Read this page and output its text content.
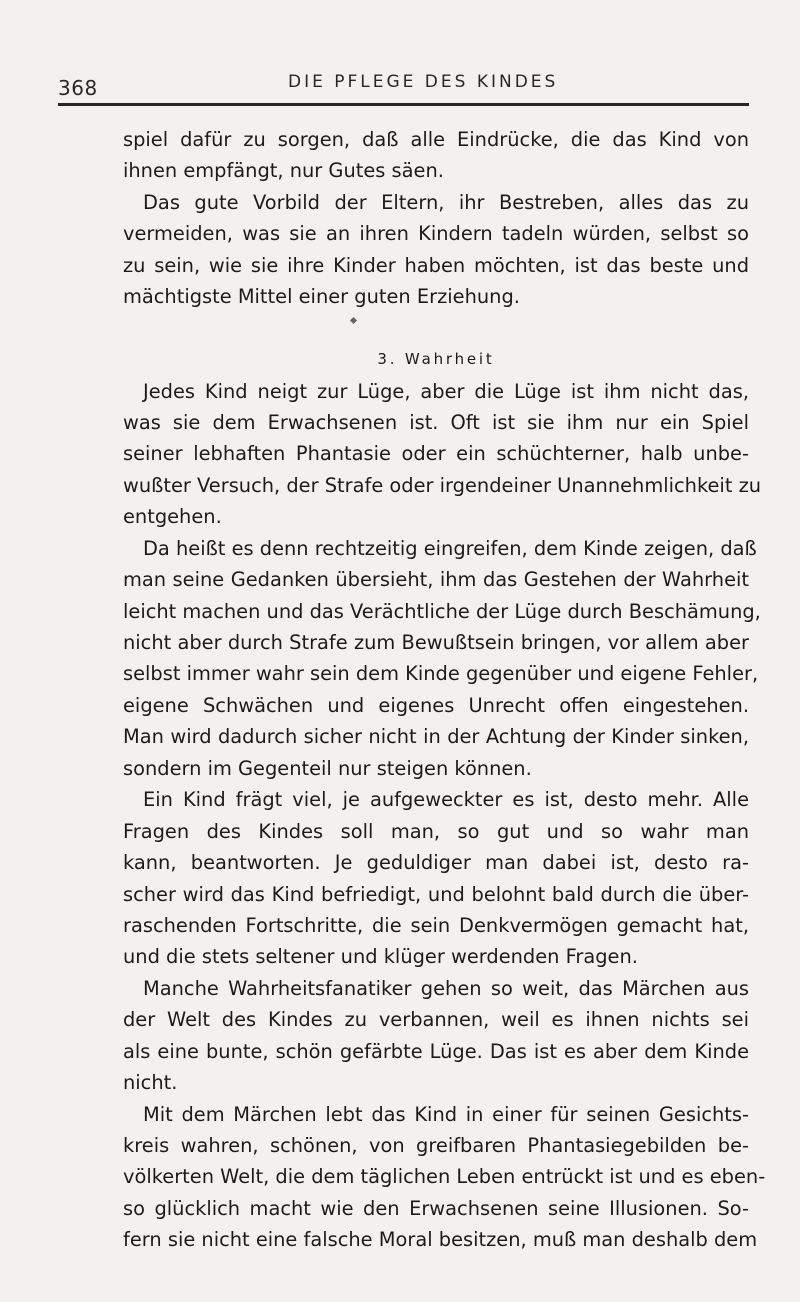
368	DIE PFLEGE DES KINDES
spiel dafür zu sorgen, daß alle Eindrücke, die das Kind von
ihnen empfängt, nur Gutes säen.
Das gute Vorbild der Eltern, ihr Bestreben, alles das zu
vermeiden, was sie an ihren Kindern tadeln würden, selbst so
zu sein, wie sie ihre Kinder haben möchten, ist das beste und
mächtigste Mittel einer guten Erziehung.
3. Wahrheit
Jedes Kind neigt zur Lüge, aber die Lüge ist ihm nicht das,
was sie dem Erwachsenen ist. Oft ist sie ihm nur ein Spiel
seiner lebhaften Phantasie oder ein schüchterner, halb unbe-
wußter Versuch, der Strafe oder irgendeiner Unannehmlichkeit zu
entgehen.
Da heißt es denn rechtzeitig eingreifen, dem Kinde zeigen, daß
man seine Gedanken übersieht, ihm das Gestehen der Wahrheit
leicht machen und das Verächtliche der Lüge durch Beschämung,
nicht aber durch Strafe zum Bewußtsein bringen, vor allem aber
selbst immer wahr sein dem Kinde gegenüber und eigene Fehler,
eigene Schwächen und eigenes Unrecht offen eingestehen.
Man wird dadurch sicher nicht in der Achtung der Kinder sinken,
sondern im Gegenteil nur steigen können.
Ein Kind frägt viel, je aufgeweckter es ist, desto mehr. Alle
Fragen des Kindes soll man, so gut und so wahr man
kann, beantworten. Je geduldiger man dabei ist, desto ra-
scher wird das Kind befriedigt, und belohnt bald durch die über-
raschenden Fortschritte, die sein Denkvermögen gemacht hat,
und die stets seltener und klüger werdenden Fragen.
Manche Wahrheitsfanatiker gehen so weit, das Märchen aus
der Welt des Kindes zu verbannen, weil es ihnen nichts sei
als eine bunte, schön gefärbte Lüge. Das ist es aber dem Kinde
nicht.
Mit dem Märchen lebt das Kind in einer für seinen Gesichts-
kreis wahren, schönen, von greifbaren Phantasiegebilden be-
völkerten Welt, die dem täglichen Leben entrückt ist und es eben-
so glücklich macht wie den Erwachsenen seine Illusionen. So-
fern sie nicht eine falsche Moral besitzen, muß man deshalb dem
